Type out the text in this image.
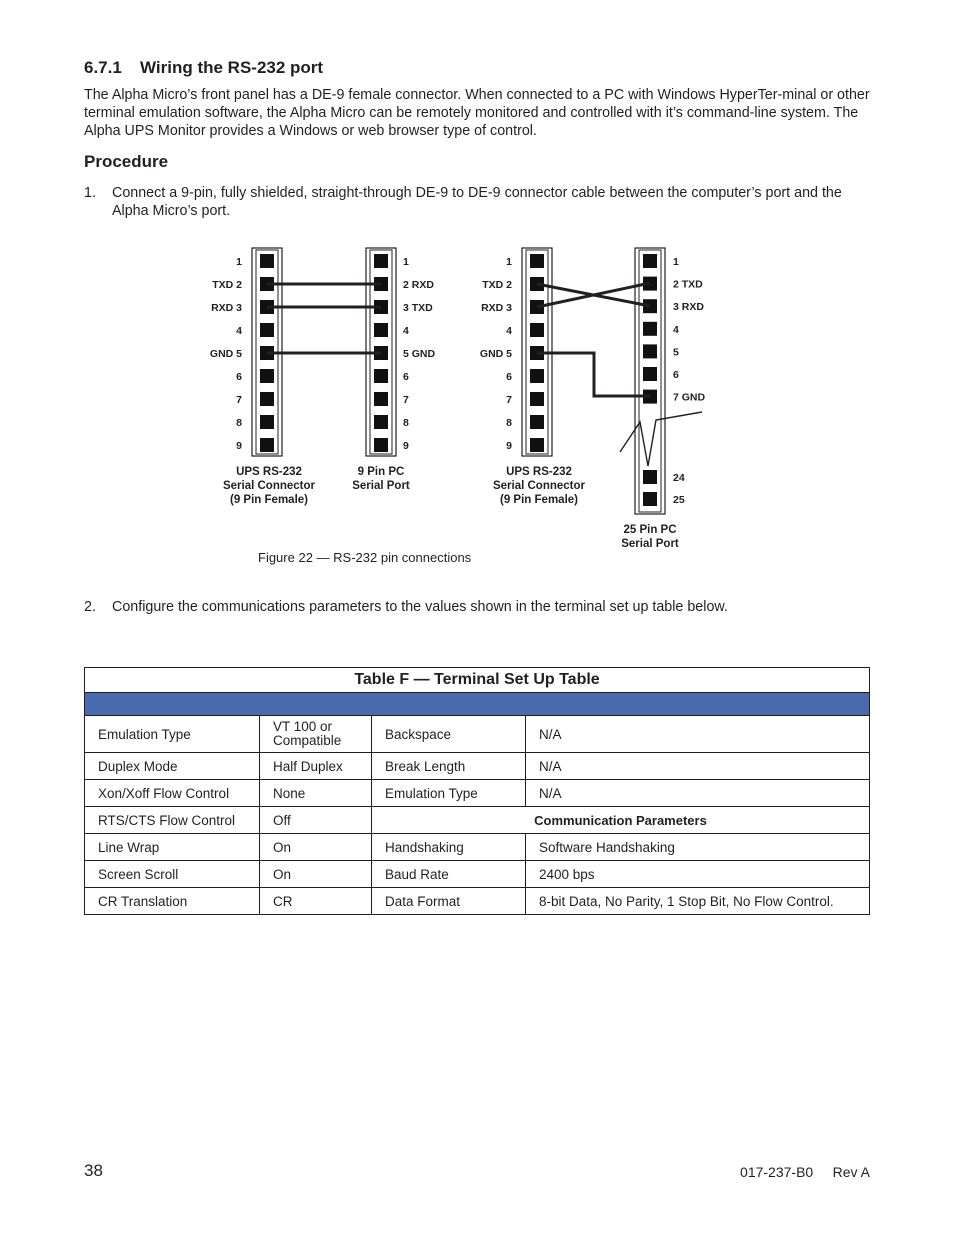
6.7.1 Wiring the RS-232 port
The Alpha Micro’s front panel has a DE-9 female connector. When connected to a PC with Windows HyperTer-minal or other terminal emulation software, the Alpha Micro can be remotely monitored and controlled with it’s command-line system. The Alpha UPS Monitor provides a Windows or web browser type of control.
Procedure
1. Connect a 9-pin, fully shielded, straight-through DE-9 to DE-9 connector cable between the computer’s port and the Alpha Micro’s port.
1
TXD 2
RXD 3
4
GND 5
6
7
8
9
1
2 RXD
3 TXD
4
5 GND
6
7
8
9
UPS RS-232
Serial Connector
(9 Pin Female)
9 Pin PC
Serial Port
1
TXD 2
RXD 3
4
GND 5
6
7
8
9
1
2 TXD
3 RXD
4
5
6
7 GND
24
25
UPS RS-232
Serial Connector
(9 Pin Female)
25 Pin PC
Serial Port
Figure 22 — RS-232 pin connections
2. Configure the communications parameters to the values shown in the terminal set up table below.
Table F — Terminal Set Up Table			

Emulation Type	VT 100 or Compatible	Backspace	N/A
Duplex Mode	Half Duplex	Break Length	N/A
Xon/Xoff Flow Control	None	Emulation Type	N/A
RTS/CTS Flow Control	Off	Communication Parameters	
Line Wrap	On	Handshaking	Software Handshaking
Screen Scroll	On	Baud Rate	2400 bps
CR Translation	CR	Data Format	8-bit Data, No Parity, 1 Stop Bit, No Flow Control.
38	017-237-B0     Rev A
